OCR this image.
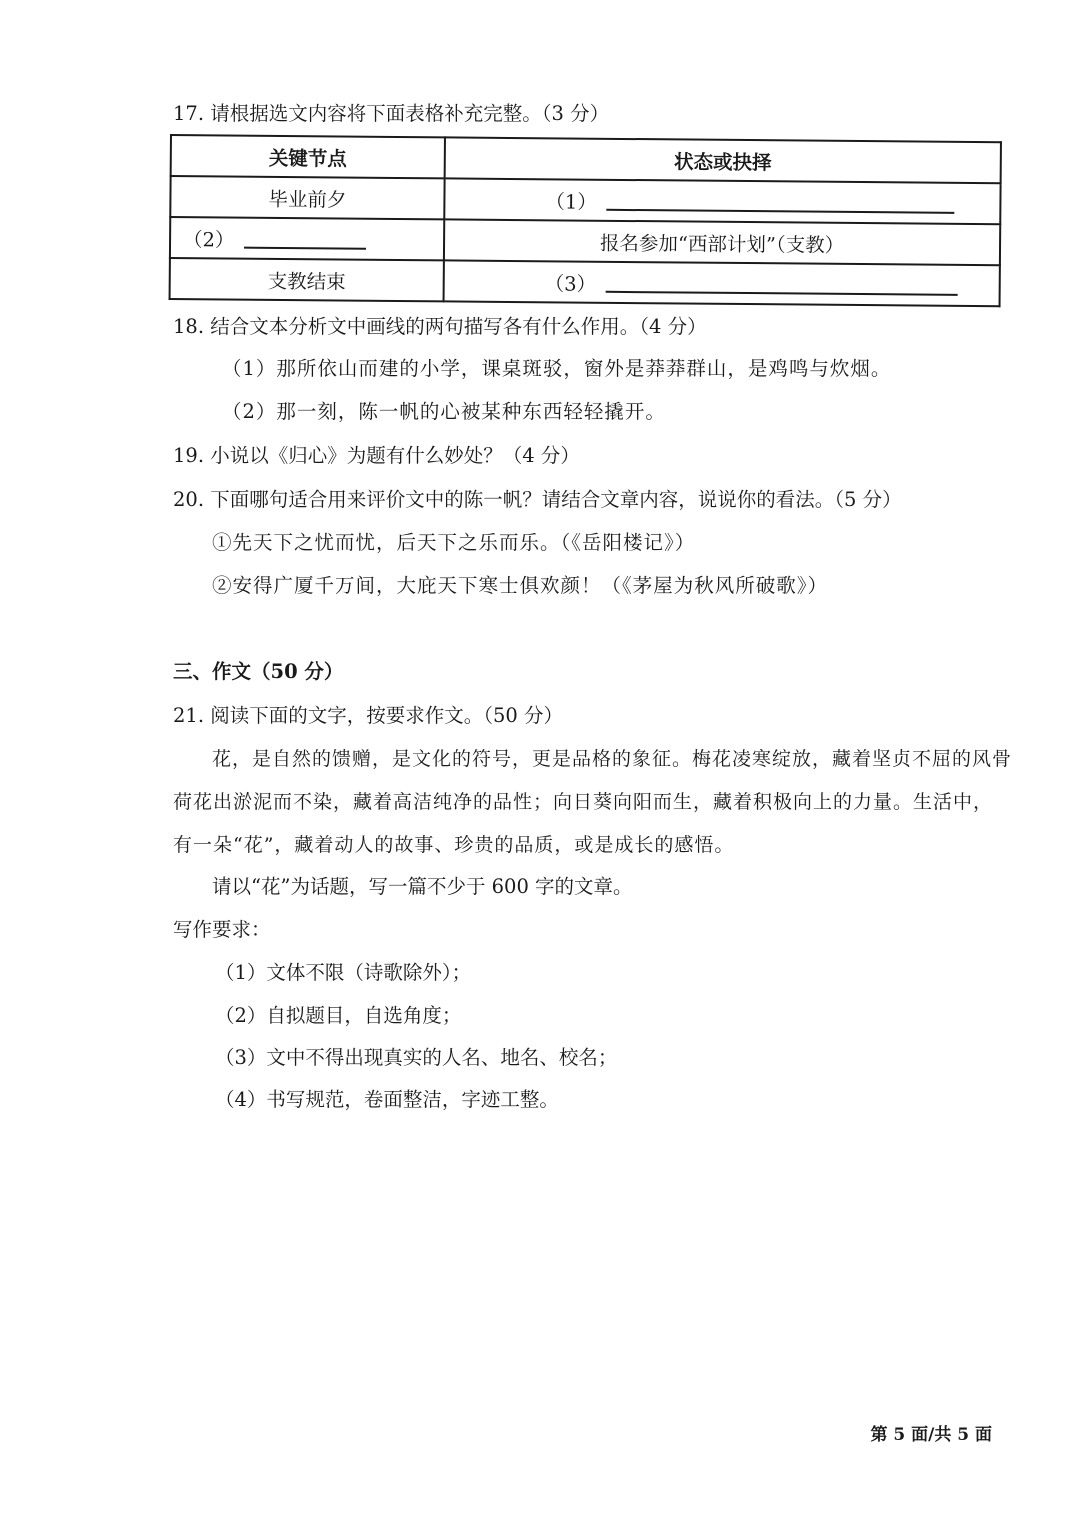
17. 请根据选文内容将下面表格补充完整。（3 分）
关键节点	状态或抉择
毕业前夕	（1）

（2）	报名参加“西部计划”（支教）
支教结束	（3）
18. 结合文本分析文中画线的两句描写各有什么作用。（4 分）
（1）那所依山而建的小学，课桌斑驳，窗外是莽莽群山，是鸡鸣与炊烟。
（2）那一刻，陈一帆的心被某种东西轻轻撬开。
19. 小说以《归心》为题有什么妙处？（4 分）
20. 下面哪句适合用来评价文中的陈一帆？请结合文章内容，说说你的看法。（5 分）
①先天下之忧而忧，后天下之乐而乐。（《岳阳楼记》）
②安得广厦千万间，大庇天下寒士俱欢颜！（《茅屋为秋风所破歌》）
三、作文（50 分）
21. 阅读下面的文字，按要求作文。（50 分）
花，是自然的馈赠，是文化的符号，更是品格的象征。梅花凌寒绽放，藏着坚贞不屈的风骨
荷花出淤泥而不染，藏着高洁纯净的品性；向日葵向阳而生，藏着积极向上的力量。生活中，
有一朵“花”，藏着动人的故事、珍贵的品质，或是成长的感悟。
请以“花”为话题，写一篇不少于 600 字的文章。
写作要求：
（1）文体不限（诗歌除外）；
（2）自拟题目，自选角度；
（3）文中不得出现真实的人名、地名、校名；
（4）书写规范，卷面整洁，字迹工整。
第 5 面/共 5 面
